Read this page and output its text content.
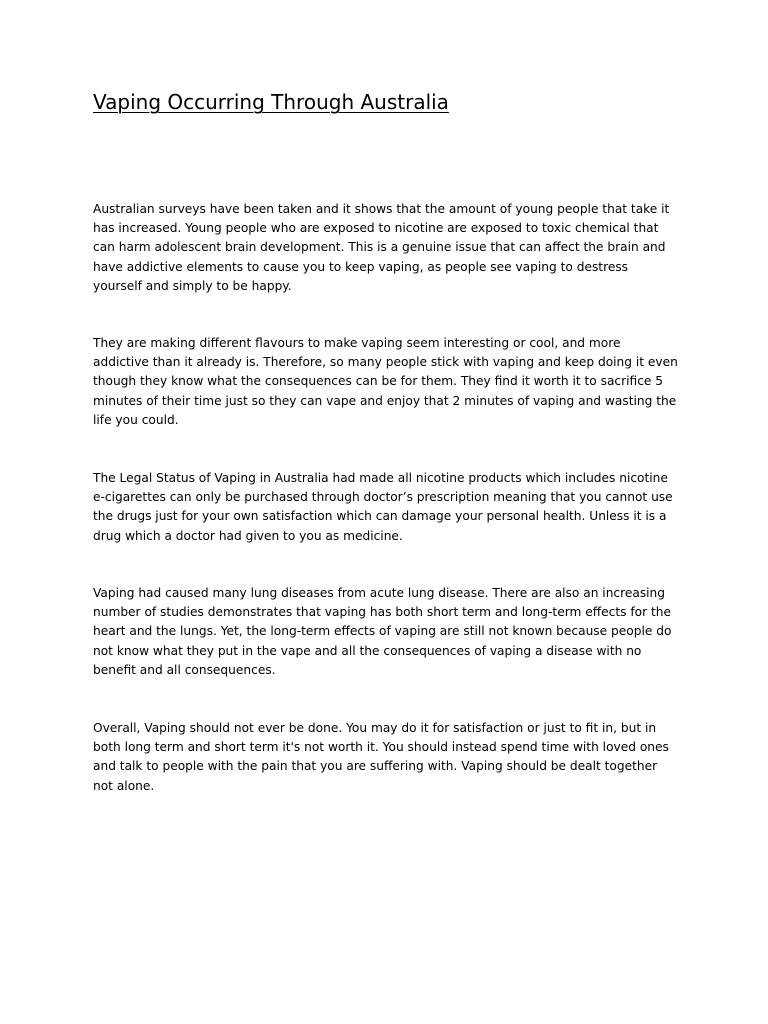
Vaping Occurring Through Australia

Australian surveys have been taken and it shows that the amount of young people that take it has increased. Young people who are exposed to nicotine are exposed to toxic chemical that can harm adolescent brain development. This is a genuine issue that can affect the brain and have addictive elements to cause you to keep vaping, as people see vaping to destress yourself and simply to be happy.

They are making different flavours to make vaping seem interesting or cool, and more addictive than it already is. Therefore, so many people stick with vaping and keep doing it even though they know what the consequences can be for them. They find it worth it to sacrifice 5 minutes of their time just so they can vape and enjoy that 2 minutes of vaping and wasting the life you could.

The Legal Status of Vaping in Australia had made all nicotine products which includes nicotine e-cigarettes can only be purchased through doctor’s prescription meaning that you cannot use the drugs just for your own satisfaction which can damage your personal health. Unless it is a drug which a doctor had given to you as medicine.

Vaping had caused many lung diseases from acute lung disease. There are also an increasing number of studies demonstrates that vaping has both short term and long-term effects for the heart and the lungs. Yet, the long-term effects of vaping are still not known because people do not know what they put in the vape and all the consequences of vaping a disease with no benefit and all consequences.

Overall, Vaping should not ever be done. You may do it for satisfaction or just to fit in, but in both long term and short term it's not worth it. You should instead spend time with loved ones and talk to people with the pain that you are suffering with. Vaping should be dealt together not alone.
